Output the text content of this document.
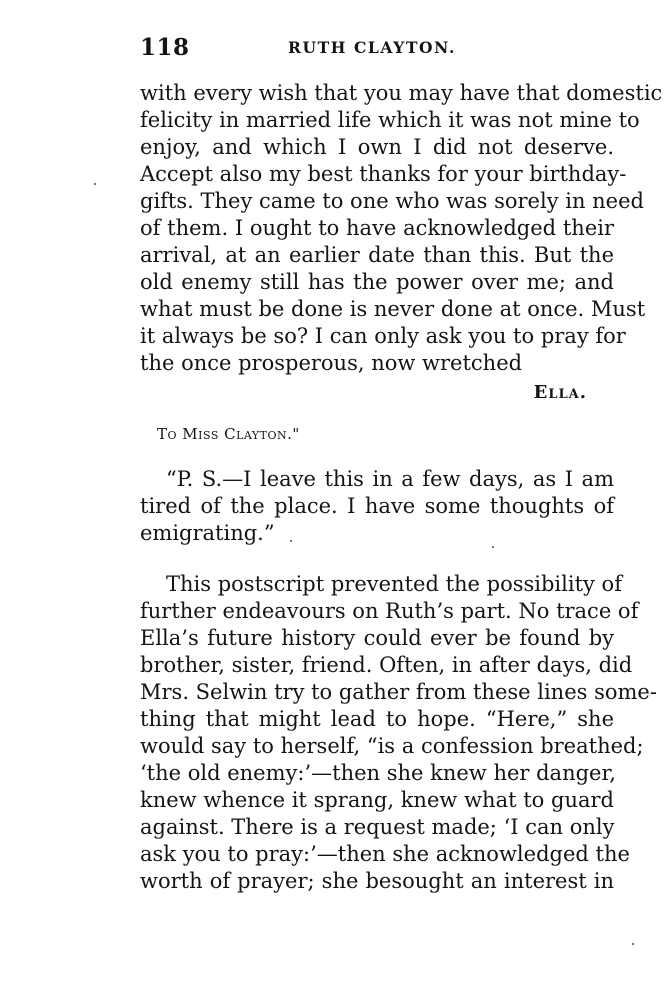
118	RUTH CLAYTON.
with every wish that you may have that domestic
felicity in married life which it was not mine to
enjoy, and which I own I did not deserve.
Accept also my best thanks for your birthday-
gifts. They came to one who was sorely in need
of them. I ought to have acknowledged their
arrival, at an earlier date than this. But the
old enemy still has the power over me; and
what must be done is never done at once. Must
it always be so? I can only ask you to pray for
the once prosperous, now wretched
Ella.
To Miss Clayton."
“P. S.—I leave this in a few days, as I am
tired of the place. I have some thoughts of
emigrating.”
This postscript prevented the possibility of
further endeavours on Ruth’s part. No trace of
Ella’s future history could ever be found by
brother, sister, friend. Often, in after days, did
Mrs. Selwin try to gather from these lines some-
thing that might lead to hope. “Here,” she
would say to herself, “is a confession breathed;
‘the old enemy:’—then she knew her danger,
knew whence it sprang, knew what to guard
against. There is a request made; ‘I can only
ask you to pray:’—then she acknowledged the
worth of prayer; she besought an interest in
